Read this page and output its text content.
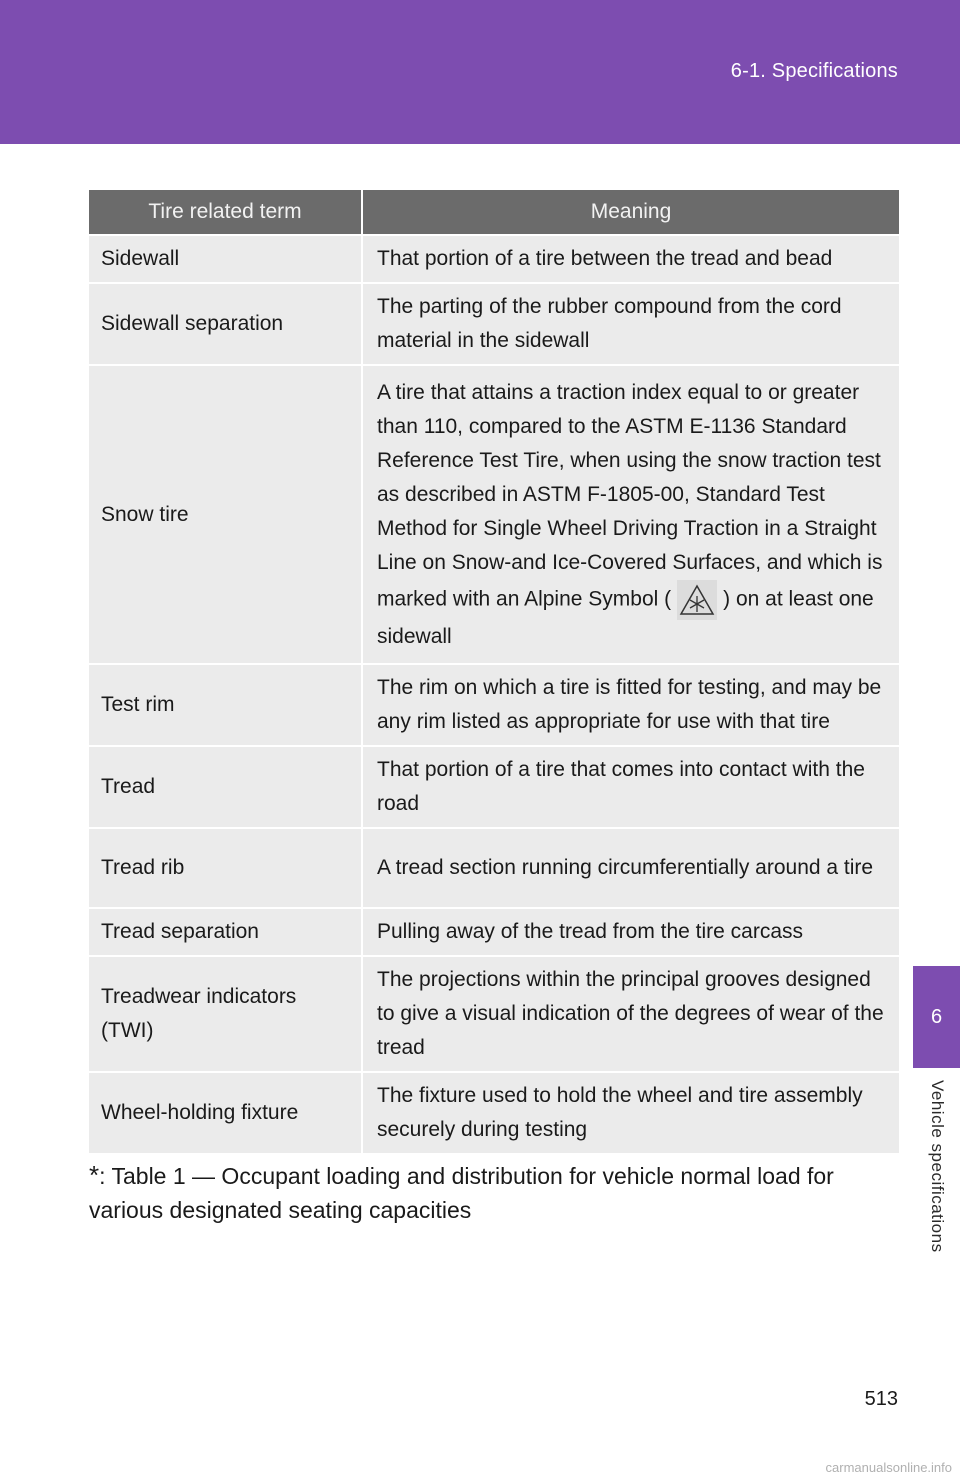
6-1. Specifications
6
Vehicle specifications
Tire related term	Meaning
Sidewall	That portion of a tire between the tread and bead
Sidewall separation	The parting of the rubber compound from the cord material in the sidewall
Snow tire	A tire that attains a traction index equal to or greater than 110, compared to the ASTM E-1136 Standard Reference Test Tire, when using the snow traction test as described in ASTM F-1805-00, Standard Test Method for Single Wheel Driving Traction in a Straight Line on Snow-and Ice-Covered Surfaces, and which is marked with an Alpine Symbol ( ) on at least one sidewall
Test rim	The rim on which a tire is fitted for testing, and may be any rim listed as appropriate for use with that tire
Tread	That portion of a tire that comes into contact with the road
Tread rib	A tread section running circumferentially around a tire
Tread separation	Pulling away of the tread from the tire carcass
Treadwear indicators (TWI)	The projections within the principal grooves designed to give a visual indication of the degrees of wear of the tread
Wheel-holding fixture	The fixture used to hold the wheel and tire assembly securely during testing
*: Table 1 — Occupant loading and distribution for vehicle normal load for various designated seating capacities
513
carmanualsonline.info
